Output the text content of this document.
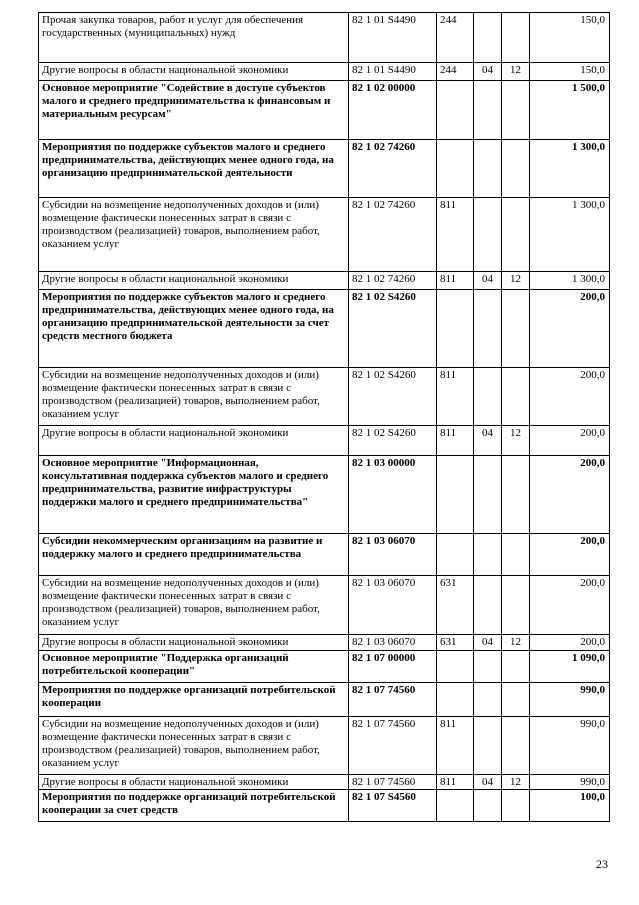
Прочая закупка товаров, работ и услуг для обеспечения государственных (муниципальных) нужд	82 1 01 S4490	244			150,0
Другие вопросы в области национальной экономики	82 1 01 S4490	244	04	12	150,0
Основное мероприятие "Содействие в доступе субъектов малого и среднего предпринимательства к финансовым и материальным ресурсам"	82 1 02 00000				1 500,0
Мероприятия по поддержке субъектов малого и среднего предпринимательства, действующих менее одного года, на организацию предпринимательской деятельности	82 1 02 74260				1 300,0
Субсидии на возмещение недополученных доходов и (или) возмещение фактически понесенных затрат в связи с производством (реализацией) товаров, выполнением работ, оказанием услуг	82 1 02 74260	811			1 300,0
Другие вопросы в области национальной экономики	82 1 02 74260	811	04	12	1 300,0
Мероприятия по поддержке субъектов малого и среднего предпринимательства, действующих менее одного года, на организацию предпринимательской деятельности за счет средств местного бюджета	82 1 02 S4260				200,0
Субсидии на возмещение недополученных доходов и (или) возмещение фактически понесенных затрат в связи с производством (реализацией) товаров, выполнением работ, оказанием услуг	82 1 02 S4260	811			200,0
Другие вопросы в области национальной экономики	82 1 02 S4260	811	04	12	200,0
Основное мероприятие "Информационная, консультативная поддержка субъектов малого и среднего предпринимательства, развитие инфраструктуры поддержки малого и среднего предпринимательства"	82 1 03 00000				200,0
Субсидии некоммерческим организациям на развитие и поддержку малого и среднего предпринимательства	82 1 03 06070				200,0
Субсидии на возмещение недополученных доходов и (или) возмещение фактически понесенных затрат в связи с производством (реализацией) товаров, выполнением работ, оказанием услуг	82 1 03 06070	631			200,0
Другие вопросы в области национальной экономики	82 1 03 06070	631	04	12	200,0
Основное мероприятие "Поддержка организаций потребительской кооперации"	82 1 07 00000				1 090,0
Мероприятия по поддержке организаций потребительской кооперации	82 1 07 74560				990,0
Субсидии на возмещение недополученных доходов и (или) возмещение фактически понесенных затрат в связи с производством (реализацией) товаров, выполнением работ, оказанием услуг	82 1 07 74560	811			990,0
Другие вопросы в области национальной экономики	82 1 07 74560	811	04	12	990,0
Мероприятия по поддержке организаций потребительской кооперации за счет средств	82 1 07 S4560				100,0
23
